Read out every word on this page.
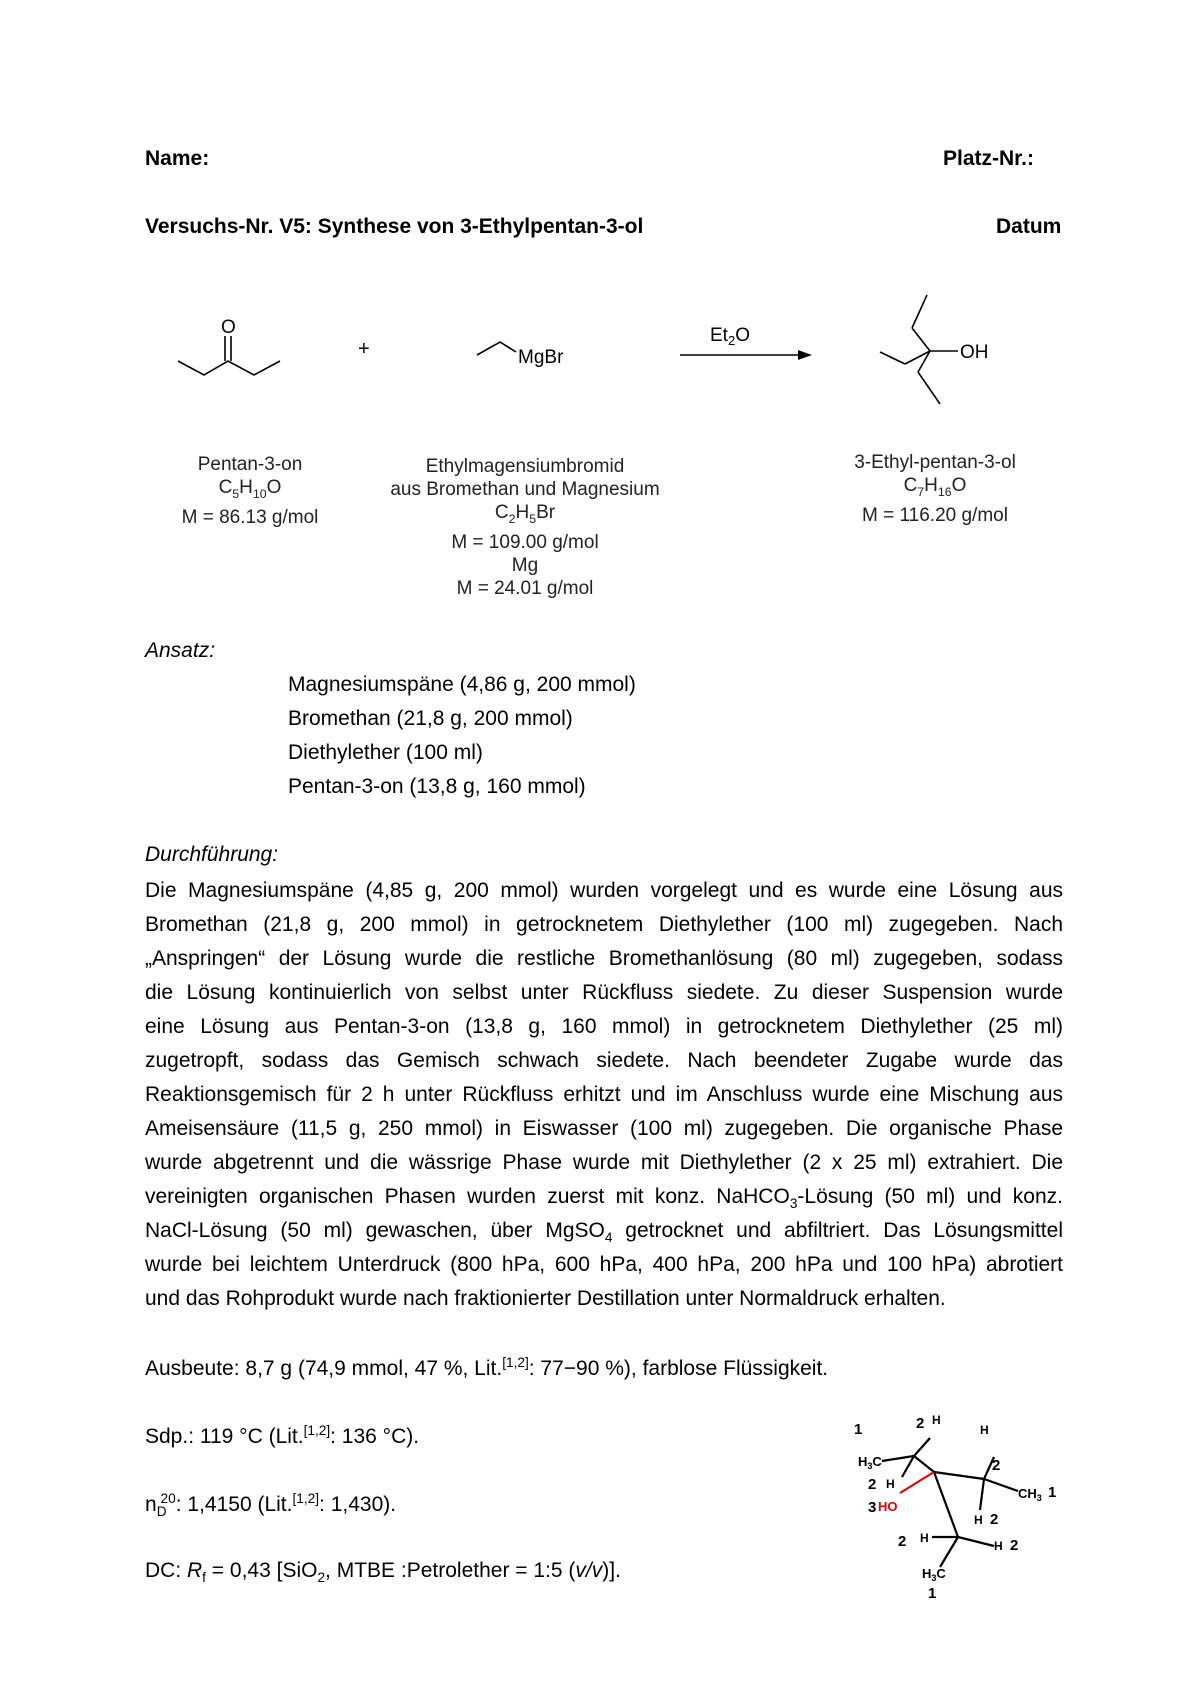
Name:	Platz-Nr.:
Versuchs-Nr. V5: Synthese von 3-Ethylpentan-3-ol	Datum
O
+	MgBr
$Et_2O$
OH
Pentan-3-on
$C_5H_{10}O$
M = 86.13 g/mol
Ethylmagensiumbromid
aus Bromethan und Magnesium
$C_2H_5Br$
M = 109.00 g/mol
Mg
M = 24.01 g/mol
3-Ethyl-pentan-3-ol
$C_7H_{16}O$
M = 116.20 g/mol
Ansatz:
Magnesiumspäne (4,86 g, 200 mmol)
Bromethan (21,8 g, 200 mmol)
Diethylether (100 ml)
Pentan-3-on (13,8 g, 160 mmol)
Durchführung:
Die Magnesiumspäne (4,85 g, 200 mmol) wurden vorgelegt und es wurde eine Lösung aus
Bromethan (21,8 g, 200 mmol) in getrocknetem Diethylether (100 ml) zugegeben. Nach
„Anspringen“ der Lösung wurde die restliche Bromethanlösung (80 ml) zugegeben, sodass
die Lösung kontinuierlich von selbst unter Rückfluss siedete. Zu dieser Suspension wurde
eine Lösung aus Pentan-3-on (13,8 g, 160 mmol) in getrocknetem Diethylether (25 ml)
zugetropft, sodass das Gemisch schwach siedete. Nach beendeter Zugabe wurde das
Reaktionsgemisch für 2 h unter Rückfluss erhitzt und im Anschluss wurde eine Mischung aus
Ameisensäure (11,5 g, 250 mmol) in Eiswasser (100 ml) zugegeben. Die organische Phase
wurde abgetrennt und die wässrige Phase wurde mit Diethylether (2 x 25 ml) extrahiert. Die
vereinigten organischen Phasen wurden zuerst mit konz. NaHCO$_3$-Lösung (50 ml) und konz.
NaCl-Lösung (50 ml) gewaschen, über MgSO$_4$ getrocknet und abfiltriert. Das Lösungsmittel
wurde bei leichtem Unterdruck (800 hPa, 600 hPa, 400 hPa, 200 hPa und 100 hPa) abrotiert
und das Rohprodukt wurde nach fraktionierter Destillation unter Normaldruck erhalten.
Ausbeute: 8,7 g (74,9 mmol, 47 %, Lit.[1,2]: 77−90 %), farblose Flüssigkeit.
Sdp.: 119 °C (Lit.[1,2]: 136 °C).
$n_D^{20}$: 1,4150 (Lit.[1,2]: 1,430).
DC: $R_f = 0,43$ [SiO$_2$, MTBE :Petrolether = 1:5 (v/v)].
1	2 H
H
$H_3C$	2
2 H
$CH_3$ 1
3 HO
H 2
2 H
H 2
$H_3C$
1
